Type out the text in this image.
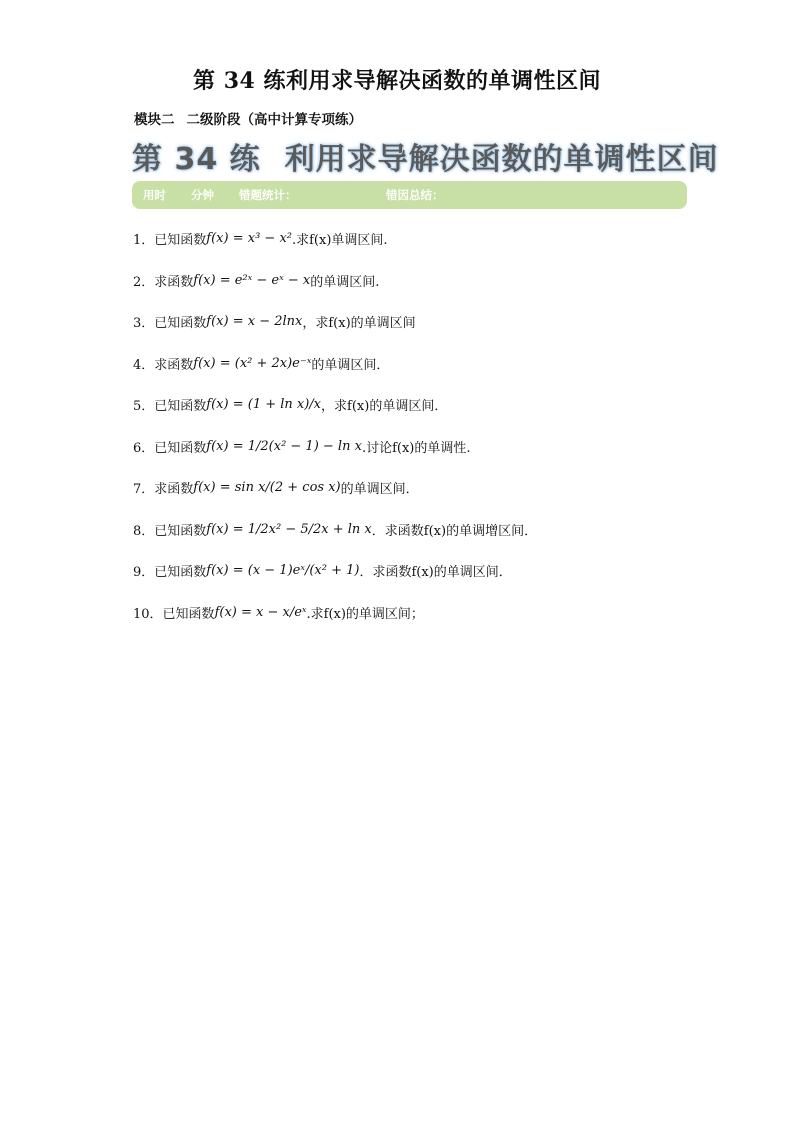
第 34 练利用求导解决函数的单调性区间
模块二 二级阶段（高中计算专项练）
第 34 练 利用求导解决函数的单调性区间
用时	分钟	错题统计：	错因总结：
1． 已知函数 f(x) = x³ − x² .求f(x)单调区间.
2． 求函数 f(x) = e²ˣ − eˣ − x 的单调区间.
3． 已知函数 f(x) = x − 2lnx ，求f(x)的单调区间
4． 求函数 f(x) = (x² + 2x)e⁻ˣ 的单调区间．
5． 已知函数 f(x) = (1 + ln x)/x ，求f(x)的单调区间．
6． 已知函数 f(x) = 1/2(x² − 1) − ln x .讨论f(x)的单调性.
7． 求函数 f(x) = sin x/(2 + cos x) 的单调区间．
8． 已知函数 f(x) = 1/2x² − 5/2x + ln x ．求函数f(x)的单调增区间．
9． 已知函数 f(x) = (x − 1)eˣ/(x² + 1) ．求函数f(x)的单调区间．
10． 已知函数 f(x) = x − x/eˣ .求f(x)的单调区间；
